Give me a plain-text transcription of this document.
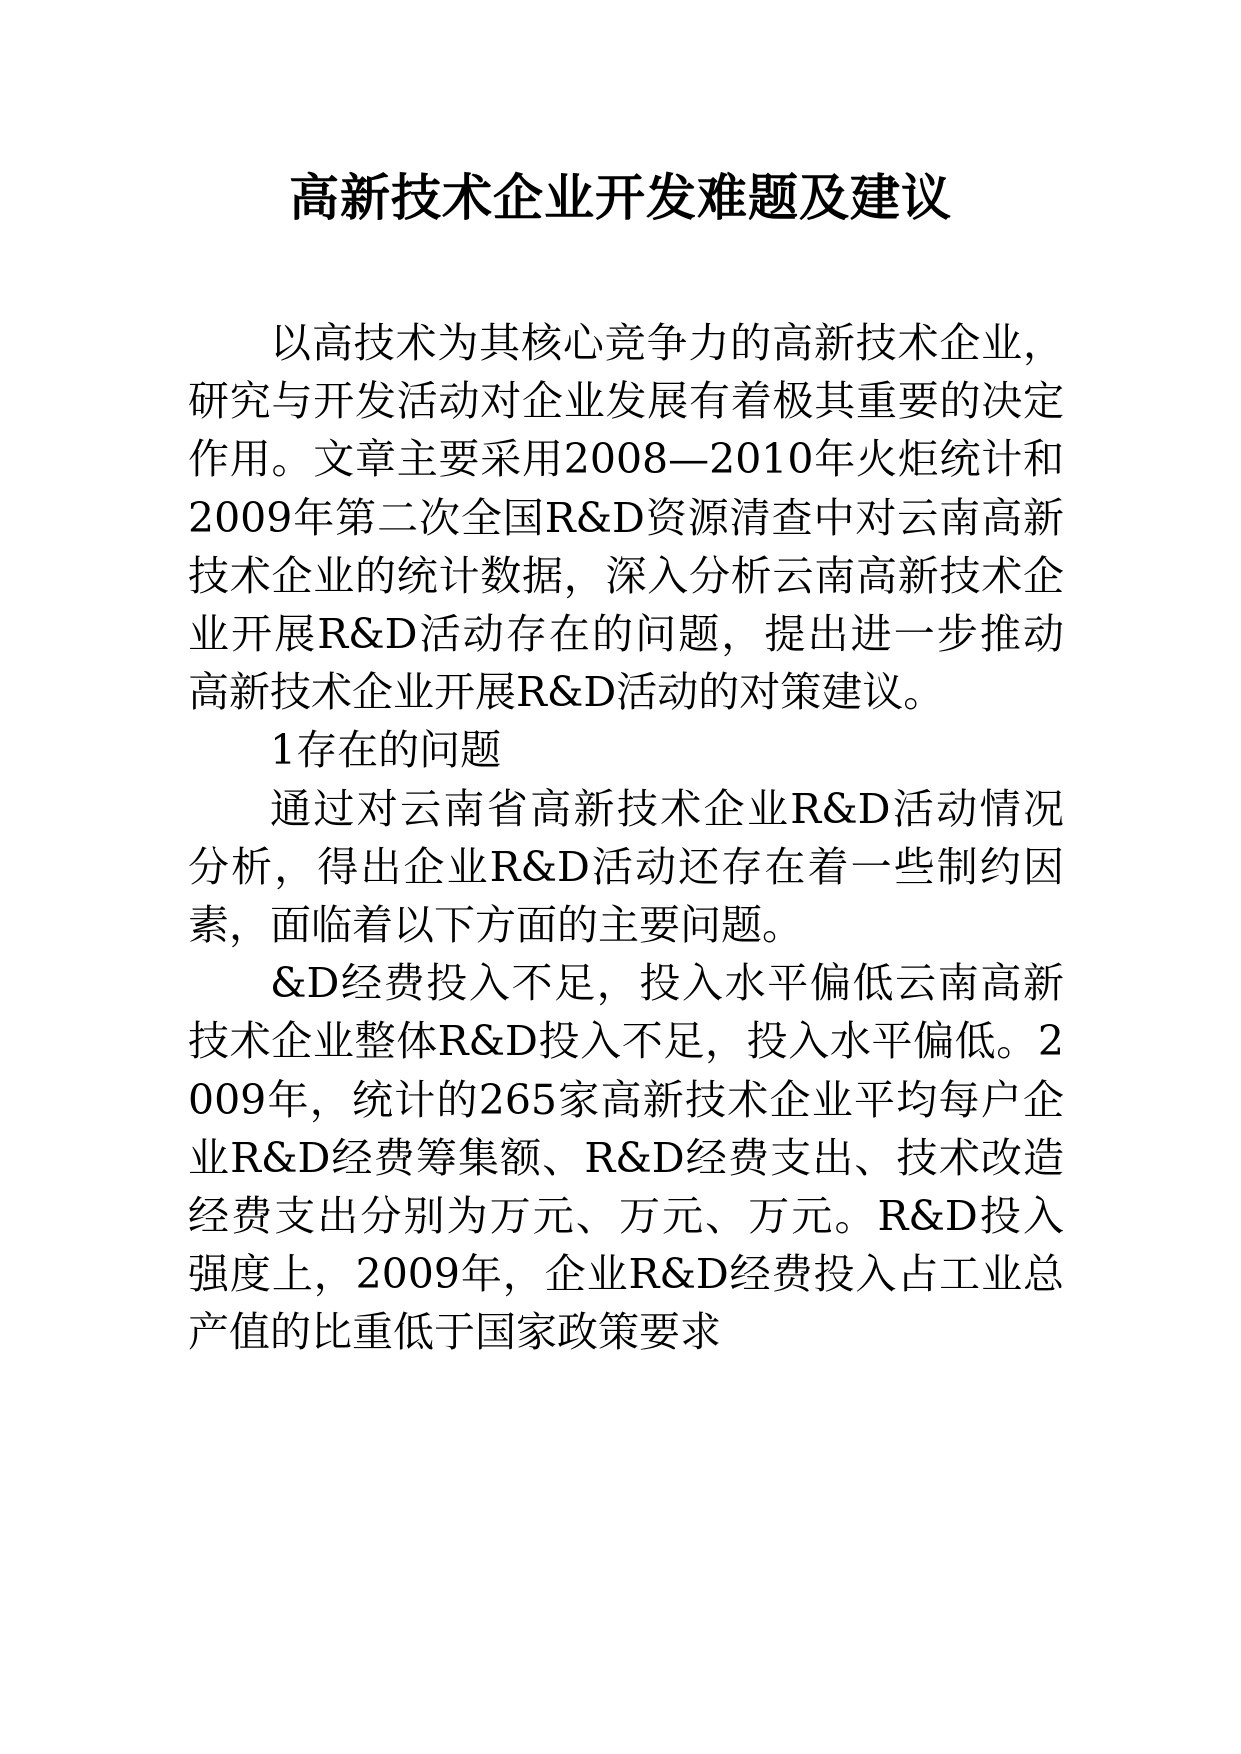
高新技术企业开发难题及建议

以高技术为其核心竞争力的高新技术企业，研究与开发活动对企业发展有着极其重要的决定作用。文章主要采用2008—2010年火炬统计和2009年第二次全国R&D资源清查中对云南高新技术企业的统计数据，深入分析云南高新技术企业开展R&D活动存在的问题，提出进一步推动高新技术企业开展R&D活动的对策建议。

1存在的问题

通过对云南省高新技术企业R&D活动情况分析，得出企业R&D活动还存在着一些制约因素，面临着以下方面的主要问题。

&D经费投入不足，投入水平偏低云南高新技术企业整体R&D投入不足，投入水平偏低。2009年，统计的265家高新技术企业平均每户企业R&D经费筹集额、R&D经费支出、技术改造经费支出分别为万元、万元、万元。R&D投入强度上，2009年，企业R&D经费投入占工业总产值的比重低于国家政策要求
